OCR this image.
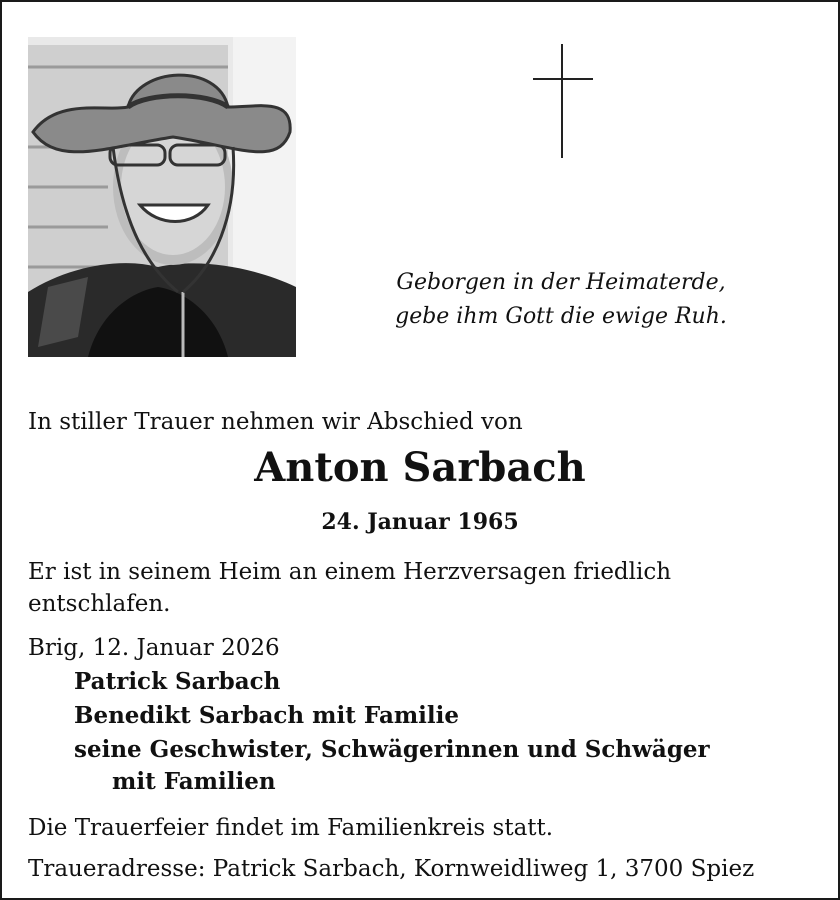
Geborgen in der Heimaterde,
gebe ihm Gott die ewige Ruh.
In stiller Trauer nehmen wir Abschied von
Anton Sarbach
24. Januar 1965
Er ist in seinem Heim an einem Herzversagen friedlich
entschlafen.
Brig, 12. Januar 2026
Patrick Sarbach
Benedikt Sarbach mit Familie
seine Geschwister, Schwägerinnen und Schwäger
mit Familien
Die Trauerfeier findet im Familienkreis statt.
Traueradresse: Patrick Sarbach, Kornweidliweg 1, 3700 Spiez
